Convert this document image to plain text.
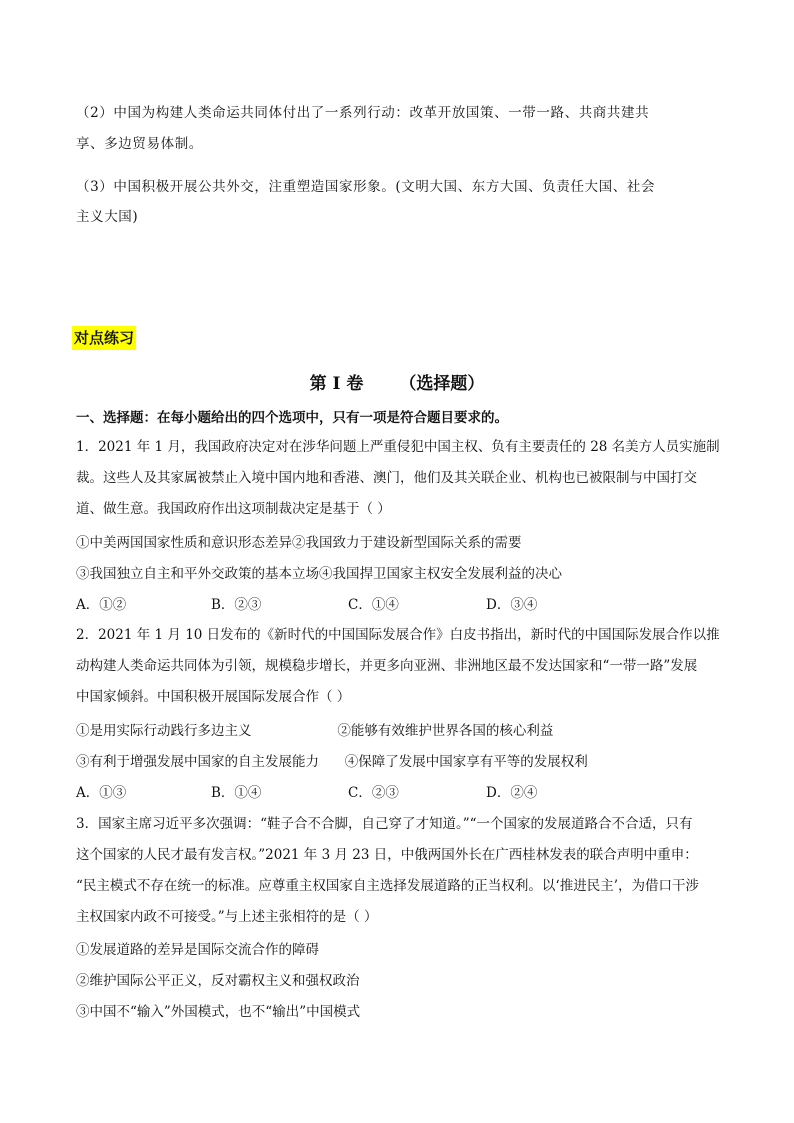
（2）中国为构建人类命运共同体付出了一系列行动：改革开放国策、一带一路、共商共建共
享、多边贸易体制。
（3）中国积极开展公共外交，注重塑造国家形象。(文明大国、东方大国、负责任大国、社会
主义大国)
对点练习
第 I 卷 （选择题）
一、选择题：在每小题给出的四个选项中，只有一项是符合题目要求的。
1．2021 年 1 月，我国政府决定对在涉华问题上严重侵犯中国主权、负有主要责任的 28 名美方人员实施制
裁。这些人及其家属被禁止入境中国内地和香港、澳门，他们及其关联企业、机构也已被限制与中国打交
道、做生意。我国政府作出这项制裁决定是基于（ ）
①中美两国国家性质和意识形态差异②我国致力于建设新型国际关系的需要
③我国独立自主和平外交政策的基本立场④我国捍卫国家主权安全发展利益的决心
A．①②	B．②③	C．①④	D．③④
2．2021 年 1 月 10 日发布的《新时代的中国国际发展合作》白皮书指出，新时代的中国国际发展合作以推
动构建人类命运共同体为引领，规模稳步增长，并更多向亚洲、非洲地区最不发达国家和“一带一路”发展
中国家倾斜。中国积极开展国际发展合作（ ）
①是用实际行动践行多边主义                    ②能够有效维护世界各国的核心利益
③有利于增强发展中国家的自主发展能力      ④保障了发展中国家享有平等的发展权利
A．①③	B．①④	C．②③	D．②④
3．国家主席习近平多次强调：“鞋子合不合脚，自己穿了才知道。”“一个国家的发展道路合不合适，只有
这个国家的人民才最有发言权。”2021 年 3 月 23 日，中俄两国外长在广西桂林发表的联合声明中重申：
“民主模式不存在统一的标准。应尊重主权国家自主选择发展道路的正当权利。以‘推进民主’，为借口干涉
主权国家内政不可接受。”与上述主张相符的是（ ）
①发展道路的差异是国际交流合作的障碍
②维护国际公平正义，反对霸权主义和强权政治
③中国不“输入”外国模式，也不“输出”中国模式
